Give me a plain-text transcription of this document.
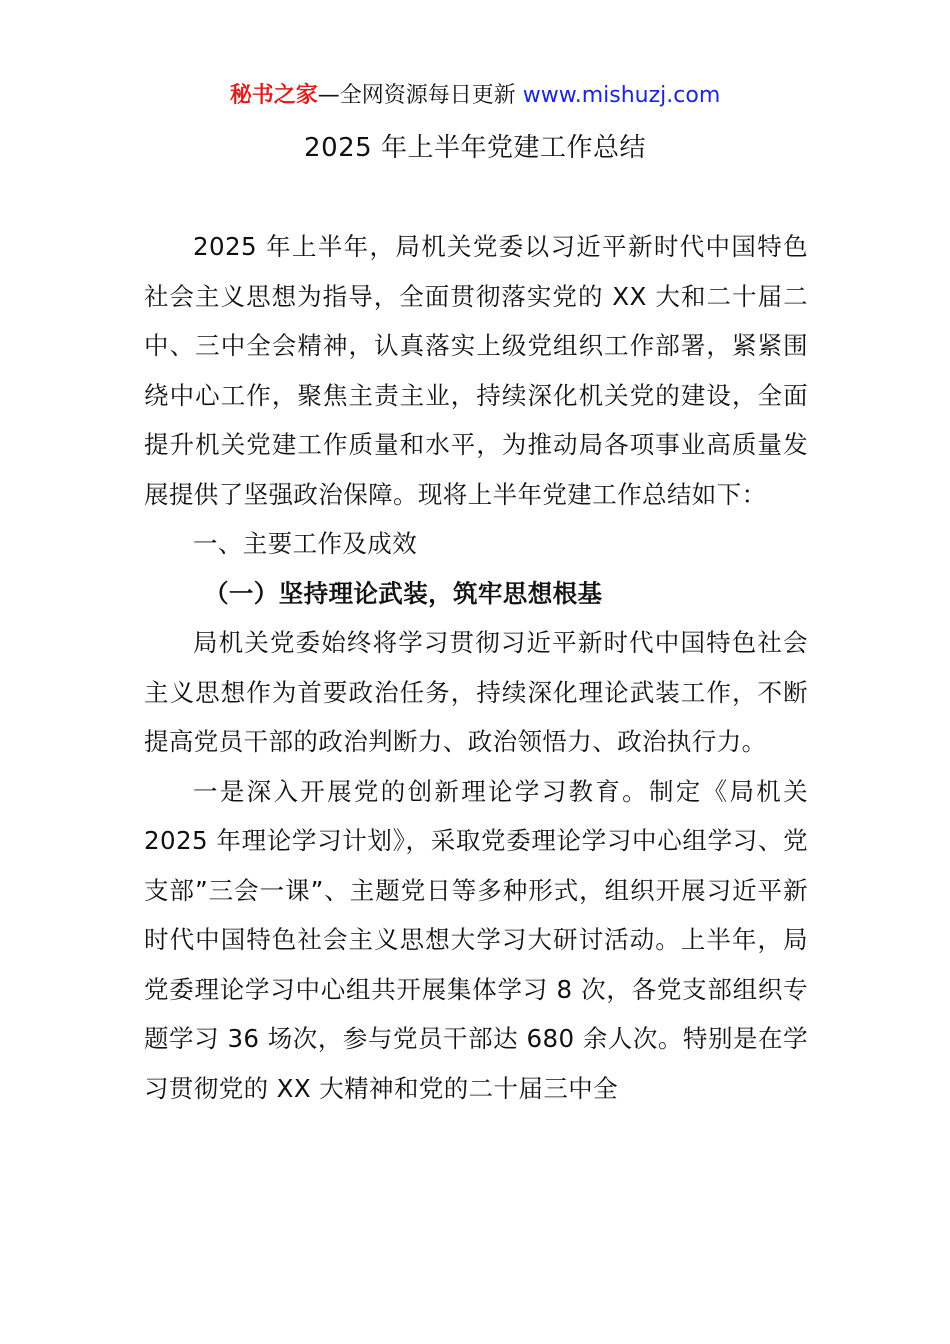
秘书之家—全网资源每日更新 www.mishuzj.com
2025 年上半年党建工作总结

2025 年上半年，局机关党委以习近平新时代中国特色社会主义思想为指导，全面贯彻落实党的 XX 大和二十届二中、三中全会精神，认真落实上级党组织工作部署，紧紧围绕中心工作，聚焦主责主业，持续深化机关党的建设，全面提升机关党建工作质量和水平，为推动局各项事业高质量发展提供了坚强政治保障。现将上半年党建工作总结如下：

一、主要工作及成效

（一）坚持理论武装，筑牢思想根基

局机关党委始终将学习贯彻习近平新时代中国特色社会主义思想作为首要政治任务，持续深化理论武装工作，不断提高党员干部的政治判断力、政治领悟力、政治执行力。

一是深入开展党的创新理论学习教育。制定《局机关 2025 年理论学习计划》，采取党委理论学习中心组学习、党支部”三会一课”、主题党日等多种形式，组织开展习近平新时代中国特色社会主义思想大学习大研讨活动。上半年，局党委理论学习中心组共开展集体学习 8 次，各党支部组织专题学习 36 场次，参与党员干部达 680 余人次。特别是在学习贯彻党的 XX 大精神和党的二十届三中全
